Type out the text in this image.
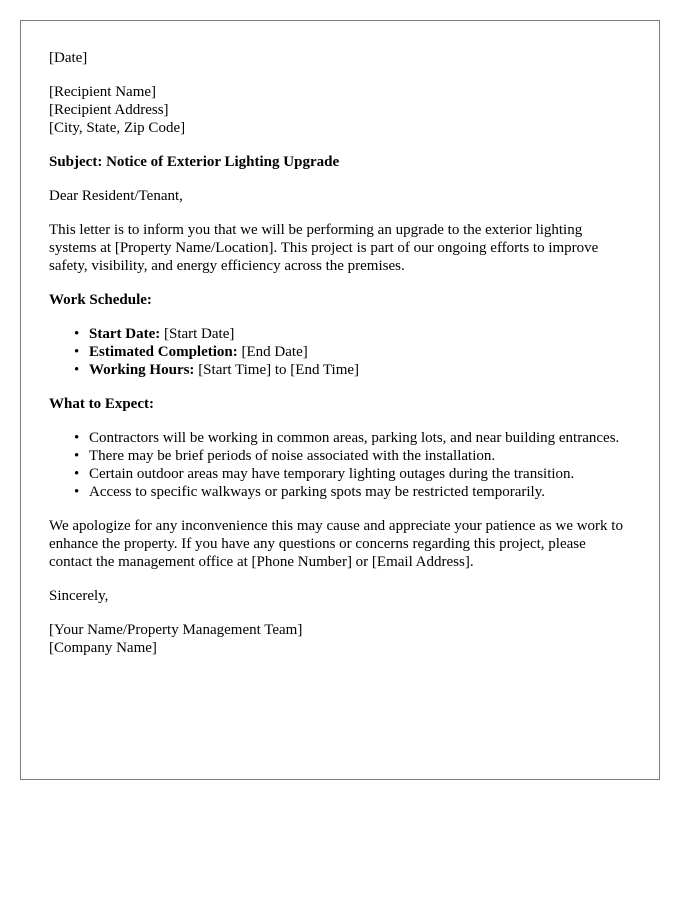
[Date]

[Recipient Name]
[Recipient Address]
[City, State, Zip Code]

Subject: Notice of Exterior Lighting Upgrade

Dear Resident/Tenant,

This letter is to inform you that we will be performing an upgrade to the exterior lighting systems at [Property Name/Location]. This project is part of our ongoing efforts to improve safety, visibility, and energy efficiency across the premises.

Work Schedule:
• Start Date: [Start Date]
• Estimated Completion: [End Date]
• Working Hours: [Start Time] to [End Time]
What to Expect:
• Contractors will be working in common areas, parking lots, and near building entrances.
• There may be brief periods of noise associated with the installation.
• Certain outdoor areas may have temporary lighting outages during the transition.
• Access to specific walkways or parking spots may be restricted temporarily.

We apologize for any inconvenience this may cause and appreciate your patience as we work to enhance the property. If you have any questions or concerns regarding this project, please contact the management office at [Phone Number] or [Email Address].

Sincerely,

[Your Name/Property Management Team]
[Company Name]
